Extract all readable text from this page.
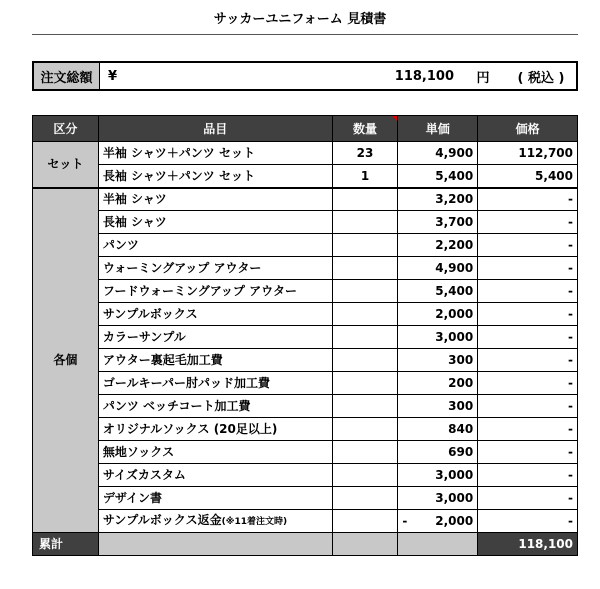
サッカーユニフォーム 見積書
注文総額	¥	118,100	円	( 税込 )
区分	品目	数量	単価	価格
セット	半袖 シャツ＋パンツ セット	23	4,900	112,700
	長袖 シャツ＋パンツ セット	1	5,400	5,400
各個	半袖 シャツ		3,200	-
	長袖 シャツ		3,700	-
	パンツ		2,200	-
	ウォーミングアップ アウター		4,900	-
	フードウォーミングアップ アウター		5,400	-
	サンプルボックス		2,000	-
	カラーサンプル		3,000	-
	アウター裏起毛加工費		300	-
	ゴールキーパー肘パッド加工費		200	-
	パンツ ベッチコート加工費		300	-
	オリジナルソックス (20足以上)		840	-
	無地ソックス		690	-
	サイズカスタム		3,000	-
	デザイン書		3,000	-
	サンプルボックス返金(※11着注文時)		- 2,000	-
累計				118,100
